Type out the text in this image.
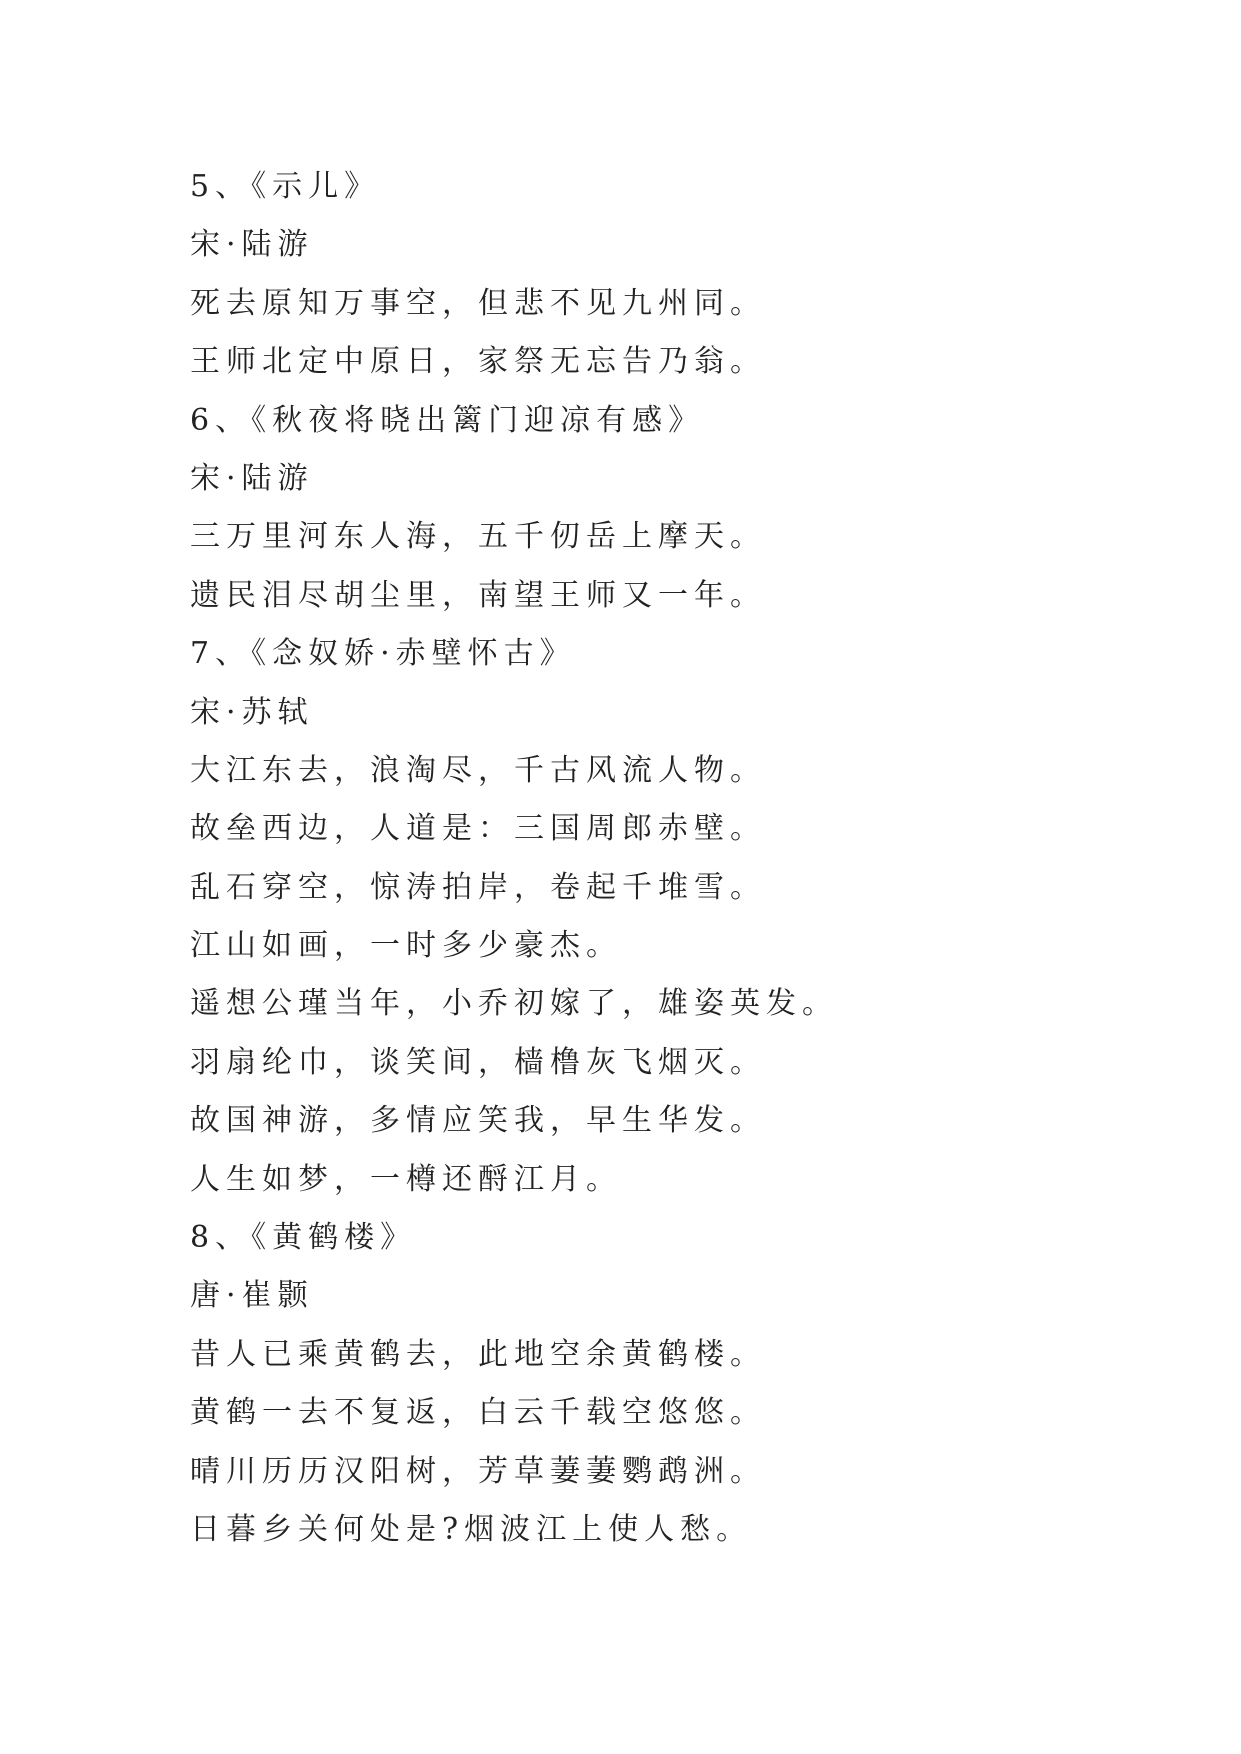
5、《示儿》
宋·陆游
死去原知万事空，但悲不见九州同。
王师北定中原日，家祭无忘告乃翁。
6、《秋夜将晓出篱门迎凉有感》
宋·陆游
三万里河东人海，五千仞岳上摩天。
遗民泪尽胡尘里，南望王师又一年。
7、《念奴娇·赤壁怀古》
宋·苏轼
大江东去，浪淘尽，千古风流人物。
故垒西边，人道是：三国周郎赤壁。
乱石穿空，惊涛拍岸，卷起千堆雪。
江山如画，一时多少豪杰。
遥想公瑾当年，小乔初嫁了，雄姿英发。
羽扇纶巾，谈笑间，樯橹灰飞烟灭。
故国神游，多情应笑我，早生华发。
人生如梦，一樽还酹江月。
8、《黄鹤楼》
唐·崔颢
昔人已乘黄鹤去，此地空余黄鹤楼。
黄鹤一去不复返，白云千载空悠悠。
晴川历历汉阳树，芳草萋萋鹦鹉洲。
日暮乡关何处是?烟波江上使人愁。
